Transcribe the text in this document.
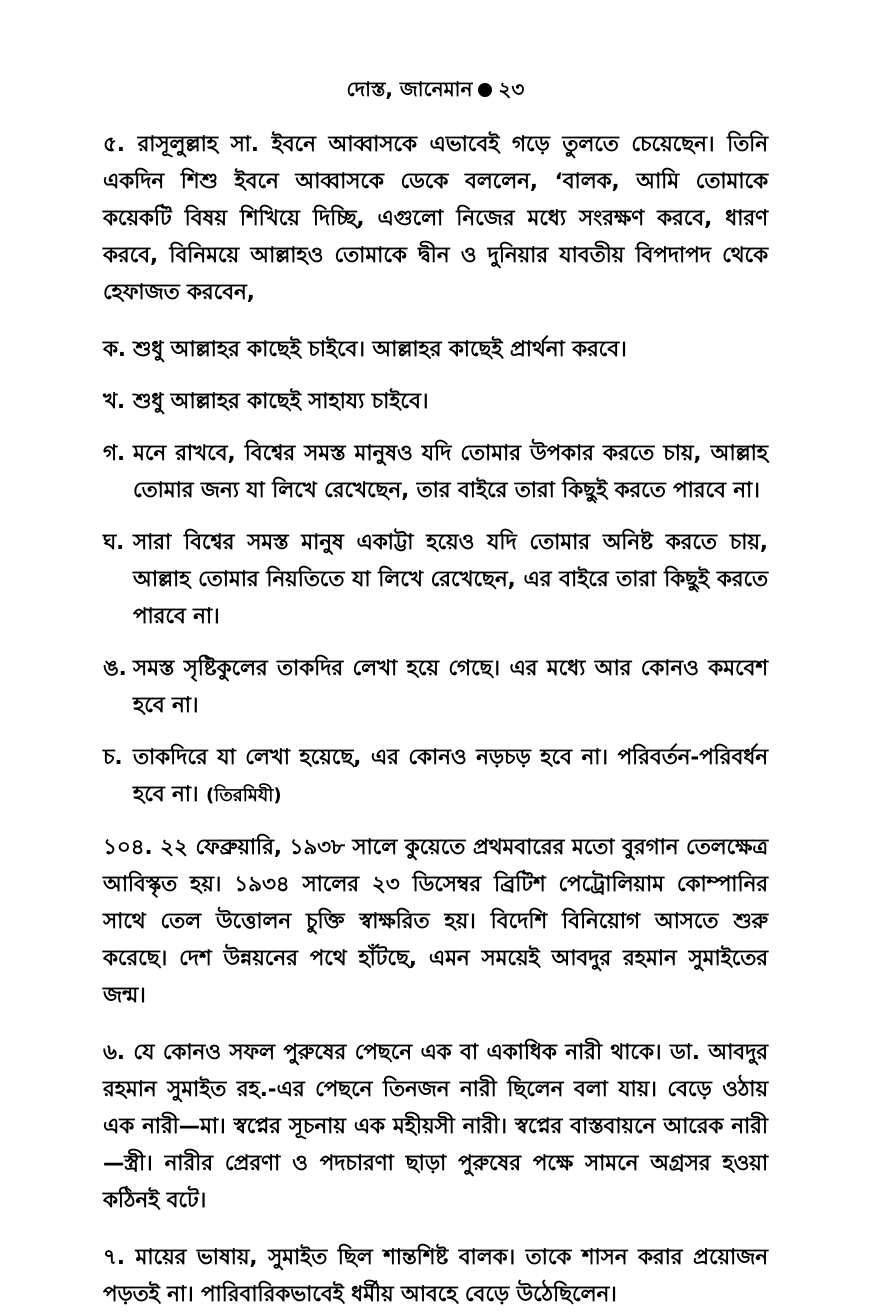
দোস্ত, জানেমান ২৩

৫. রাসূলুল্লাহ সা. ইবনে আব্বাসকে এভাবেই গড়ে তুলতে চেয়েছেন। তিনি একদিন শিশু ইবনে আব্বাসকে ডেকে বললেন, ‘বালক, আমি তোমাকে কয়েকটি বিষয় শিখিয়ে দিচ্ছি, এগুলো নিজের মধ্যে সংরক্ষণ করবে, ধারণ করবে, বিনিময়ে আল্লাহও তোমাকে দ্বীন ও দুনিয়ার যাবতীয় বিপদাপদ থেকে হেফাজত করবেন,

ক. শুধু আল্লাহর কাছেই চাইবে। আল্লাহর কাছেই প্রার্থনা করবে।

খ. শুধু আল্লাহর কাছেই সাহায্য চাইবে।

গ. মনে রাখবে, বিশ্বের সমস্ত মানুষও যদি তোমার উপকার করতে চায়, আল্লাহ তোমার জন্য যা লিখে রেখেছেন, তার বাইরে তারা কিছুই করতে পারবে না।

ঘ. সারা বিশ্বের সমস্ত মানুষ একাট্টা হয়েও যদি তোমার অনিষ্ট করতে চায়, আল্লাহ তোমার নিয়তিতে যা লিখে রেখেছেন, এর বাইরে তারা কিছুই করতে পারবে না।

ঙ. সমস্ত সৃষ্টিকুলের তাকদির লেখা হয়ে গেছে। এর মধ্যে আর কোনও কমবেশ হবে না।

চ. তাকদিরে যা লেখা হয়েছে, এর কোনও নড়চড় হবে না। পরিবর্তন-পরিবর্ধন হবে না। (তিরমিযী)

১০৪. ২২ ফেব্রুয়ারি, ১৯৩৮ সালে কুয়েতে প্রথমবারের মতো বুরগান তেলক্ষেত্র আবিস্কৃত হয়। ১৯৩৪ সালের ২৩ ডিসেম্বর ব্রিটিশ পেট্রোলিয়াম কোম্পানির সাথে তেল উত্তোলন চুক্তি স্বাক্ষরিত হয়। বিদেশি বিনিয়োগ আসতে শুরু করেছে। দেশ উন্নয়নের পথে হাঁটছে, এমন সময়েই আবদুর রহমান সুমাইতের জন্ম।

৬. যে কোনও সফল পুরুষের পেছনে এক বা একাধিক নারী থাকে। ডা. আবদুর রহমান সুমাইত রহ.-এর পেছনে তিনজন নারী ছিলেন বলা যায়। বেড়ে ওঠায় এক নারী—মা। স্বপ্নের সূচনায় এক মহীয়সী নারী। স্বপ্নের বাস্তবায়নে আরেক নারী—স্ত্রী। নারীর প্রেরণা ও পদচারণা ছাড়া পুরুষের পক্ষে সামনে অগ্রসর হওয়া কঠিনই বটে।

৭. মায়ের ভাষায়, সুমাইত ছিল শান্তশিষ্ট বালক। তাকে শাসন করার প্রয়োজন পড়তই না। পারিবারিকভাবেই ধর্মীয় আবহে বেড়ে উঠেছিলেন।
